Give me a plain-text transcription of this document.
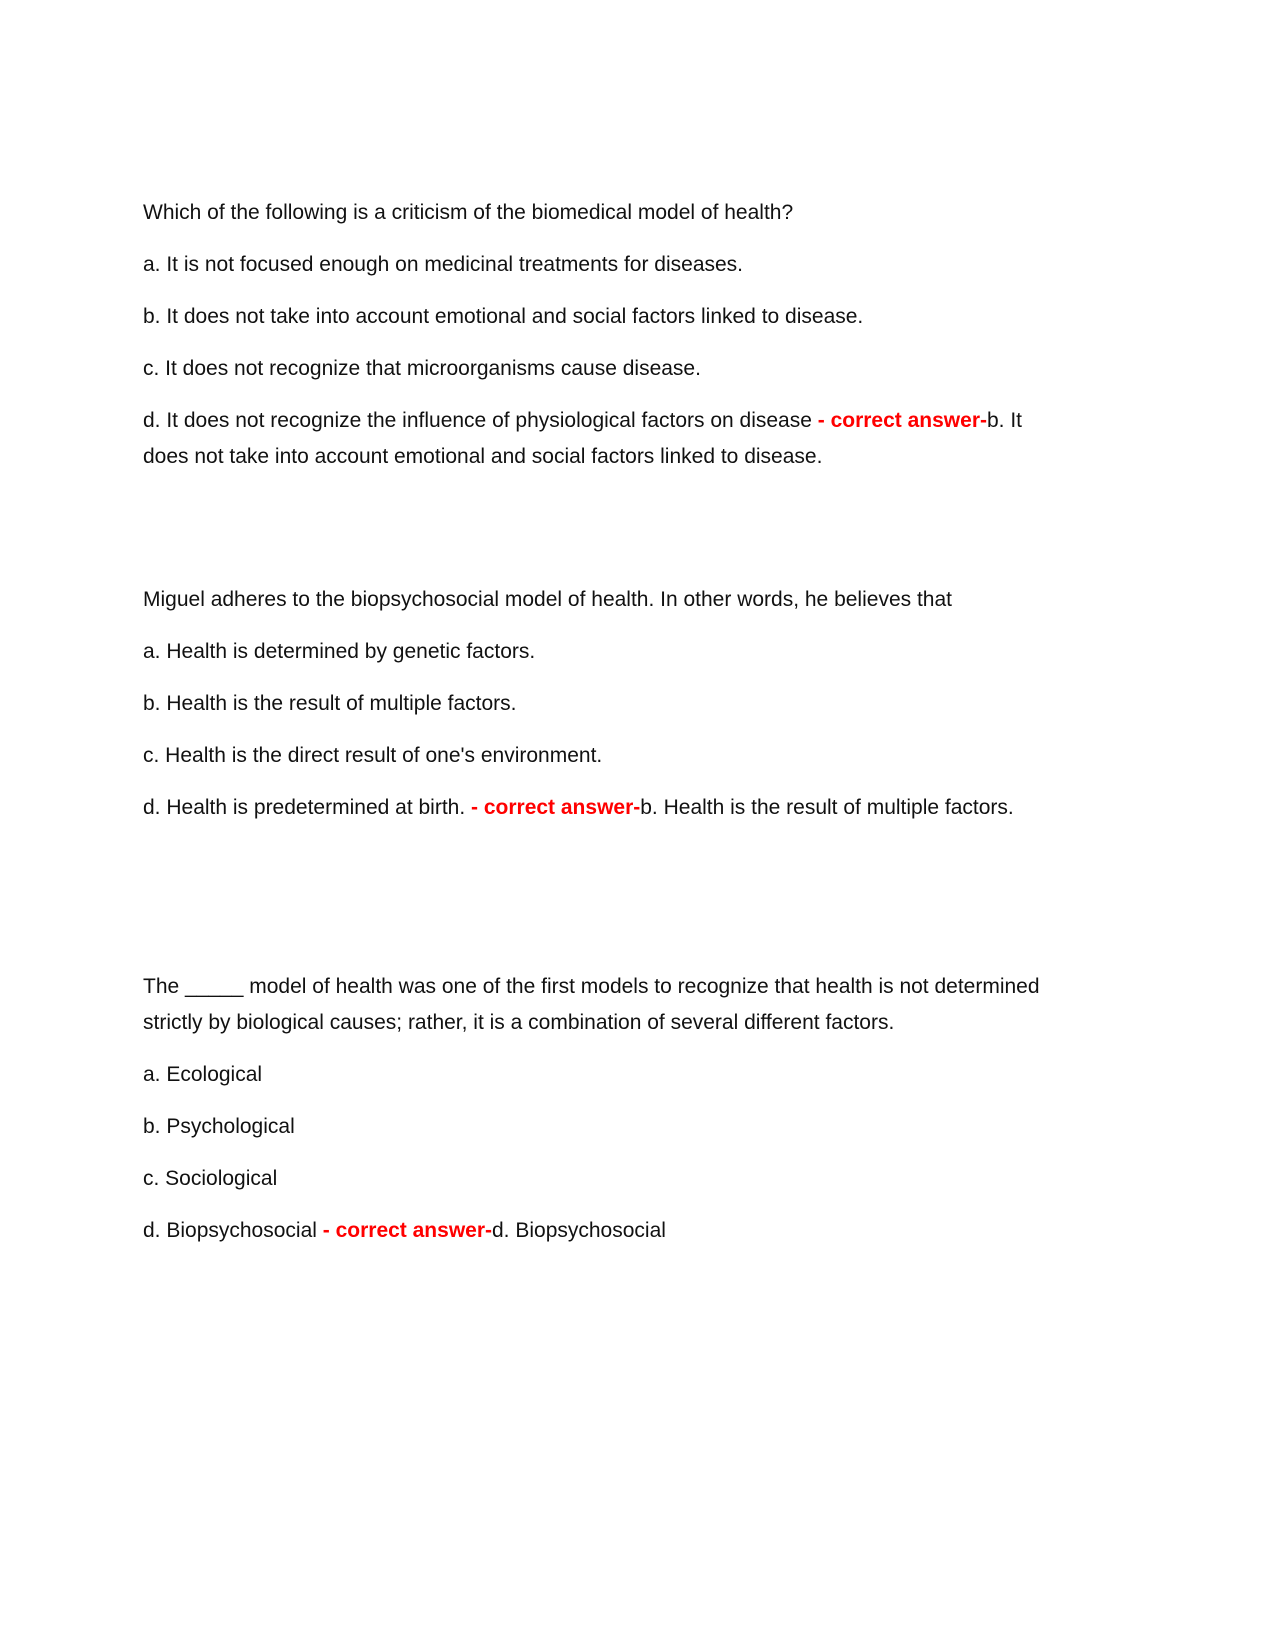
Which of the following is a criticism of the biomedical model of health?

a. It is not focused enough on medicinal treatments for diseases.

b. It does not take into account emotional and social factors linked to disease.

c. It does not recognize that microorganisms cause disease.

d. It does not recognize the influence of physiological factors on disease - correct answer-b. It does not take into account emotional and social factors linked to disease.

Miguel adheres to the biopsychosocial model of health. In other words, he believes that

a. Health is determined by genetic factors.

b. Health is the result of multiple factors.

c. Health is the direct result of one's environment.

d. Health is predetermined at birth. - correct answer-b. Health is the result of multiple factors.

The _____ model of health was one of the first models to recognize that health is not determined strictly by biological causes; rather, it is a combination of several different factors.

a. Ecological

b. Psychological

c. Sociological

d. Biopsychosocial - correct answer-d. Biopsychosocial
